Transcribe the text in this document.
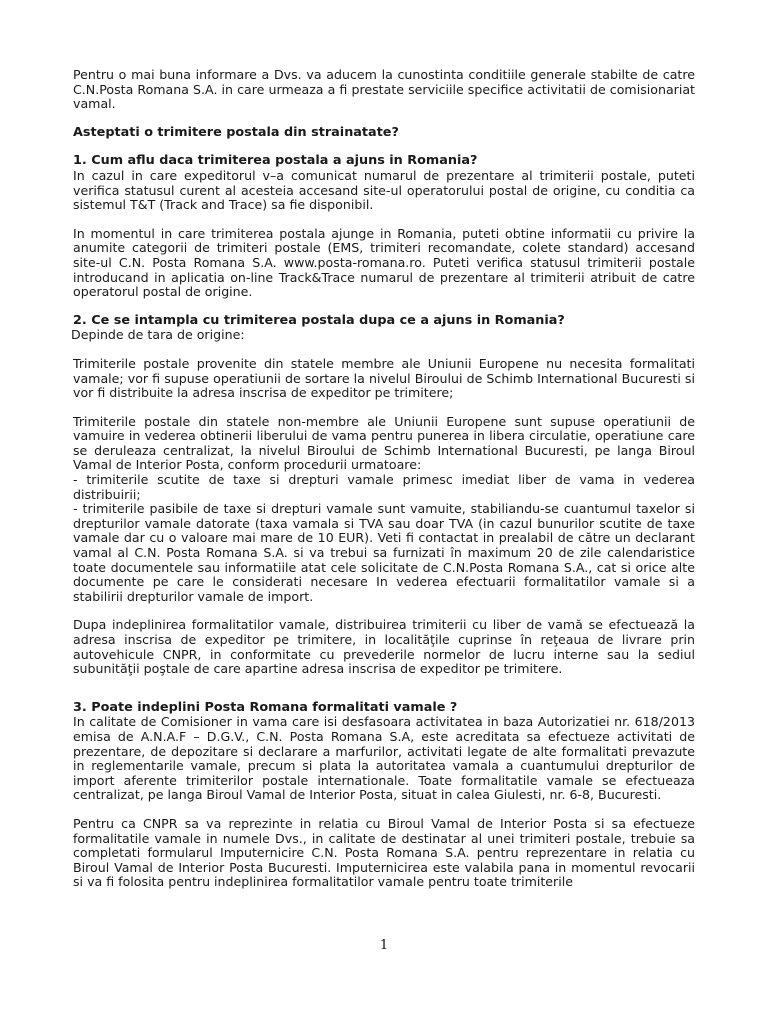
Pentru o mai buna informare a Dvs. va aducem la cunostinta conditiile generale stabilte de catre C.N.Posta Romana S.A. in care urmeaza a fi prestate serviciile specifice activitatii de comisionariat vamal.

Asteptati o trimitere postala din strainatate?

1. Cum aflu daca trimiterea postala a ajuns in Romania?

In cazul in care expeditorul v–a comunicat numarul de prezentare al trimiterii postale, puteti verifica statusul curent al acesteia accesand site-ul operatorului postal de origine, cu conditia ca sistemul T&T (Track and Trace) sa fie disponibil.

In momentul in care trimiterea postala ajunge in Romania, puteti obtine informatii cu privire la anumite categorii de trimiteri postale (EMS, trimiteri recomandate, colete standard) accesand site-ul C.N. Posta Romana S.A. www.posta-romana.ro. Puteti verifica statusul trimiterii postale introducand in aplicatia on-line Track&Trace numarul de prezentare al trimiterii atribuit de catre operatorul postal de origine.

2. Ce se intampla cu trimiterea postala dupa ce a ajuns in Romania?

Depinde de tara de origine:

Trimiterile postale provenite din statele membre ale Uniunii Europene nu necesita formalitati vamale; vor fi supuse operatiunii de sortare la nivelul Biroului de Schimb International Bucuresti si vor fi distribuite la adresa inscrisa de expeditor pe trimitere;

Trimiterile postale din statele non-membre ale Uniunii Europene sunt supuse operatiunii de vamuire in vederea obtinerii liberului de vama pentru punerea in libera circulatie, operatiune care se deruleaza centralizat, la nivelul Biroului de Schimb International Bucuresti, pe langa Biroul Vamal de Interior Posta, conform procedurii urmatoare:

- trimiterile scutite de taxe si drepturi vamale primesc imediat liber de vama in vederea distribuirii;

- trimiterile pasibile de taxe si drepturi vamale sunt vamuite, stabiliandu-se cuantumul taxelor si drepturilor vamale datorate (taxa vamala si TVA sau doar TVA (in cazul bunurilor scutite de taxe vamale dar cu o valoare mai mare de 10 EUR). Veti fi contactat in prealabil de către un declarant vamal al C.N. Posta Romana S.A. si va trebui sa furnizati în maximum 20 de zile calendaristice toate documentele sau informatiile atat cele solicitate de C.N.Posta Romana S.A., cat si orice alte documente pe care le considerati necesare In vederea efectuarii formalitatilor vamale si a stabilirii drepturilor vamale de import.

Dupa indeplinirea formalitatilor vamale, distribuirea trimiterii cu liber de vamă se efectuează la adresa inscrisa de expeditor pe trimitere, in localităţile cuprinse în reţeaua de livrare prin autovehicule CNPR, in conformitate cu prevederile normelor de lucru interne sau la sediul subunităţii poştale de care apartine adresa inscrisa de expeditor pe trimitere.

3. Poate indeplini Posta Romana formalitati vamale ?

In calitate de Comisioner in vama care isi desfasoara activitatea in baza Autorizatiei nr. 618/2013 emisa de A.N.A.F – D.G.V., C.N. Posta Romana S.A, este acreditata sa efectueze activitati de prezentare, de depozitare si declarare a marfurilor, activitati legate de alte formalitati prevazute in reglementarile vamale, precum si plata la autoritatea vamala a cuantumului drepturilor de import aferente trimiterilor postale internationale. Toate formalitatile vamale se efectueaza centralizat, pe langa Biroul Vamal de Interior Posta, situat in calea Giulesti, nr. 6-8, Bucuresti.

Pentru ca CNPR sa va reprezinte in relatia cu Biroul Vamal de Interior Posta si sa efectueze formalitatile vamale in numele Dvs., in calitate de destinatar al unei trimiteri postale, trebuie sa completati formularul Imputernicire C.N. Posta Romana S.A. pentru reprezentare in relatia cu Biroul Vamal de Interior Posta Bucuresti. Imputernicirea este valabila pana in momentul revocarii si va fi folosita pentru indeplinirea formalitatilor vamale pentru toate trimiterile

1
